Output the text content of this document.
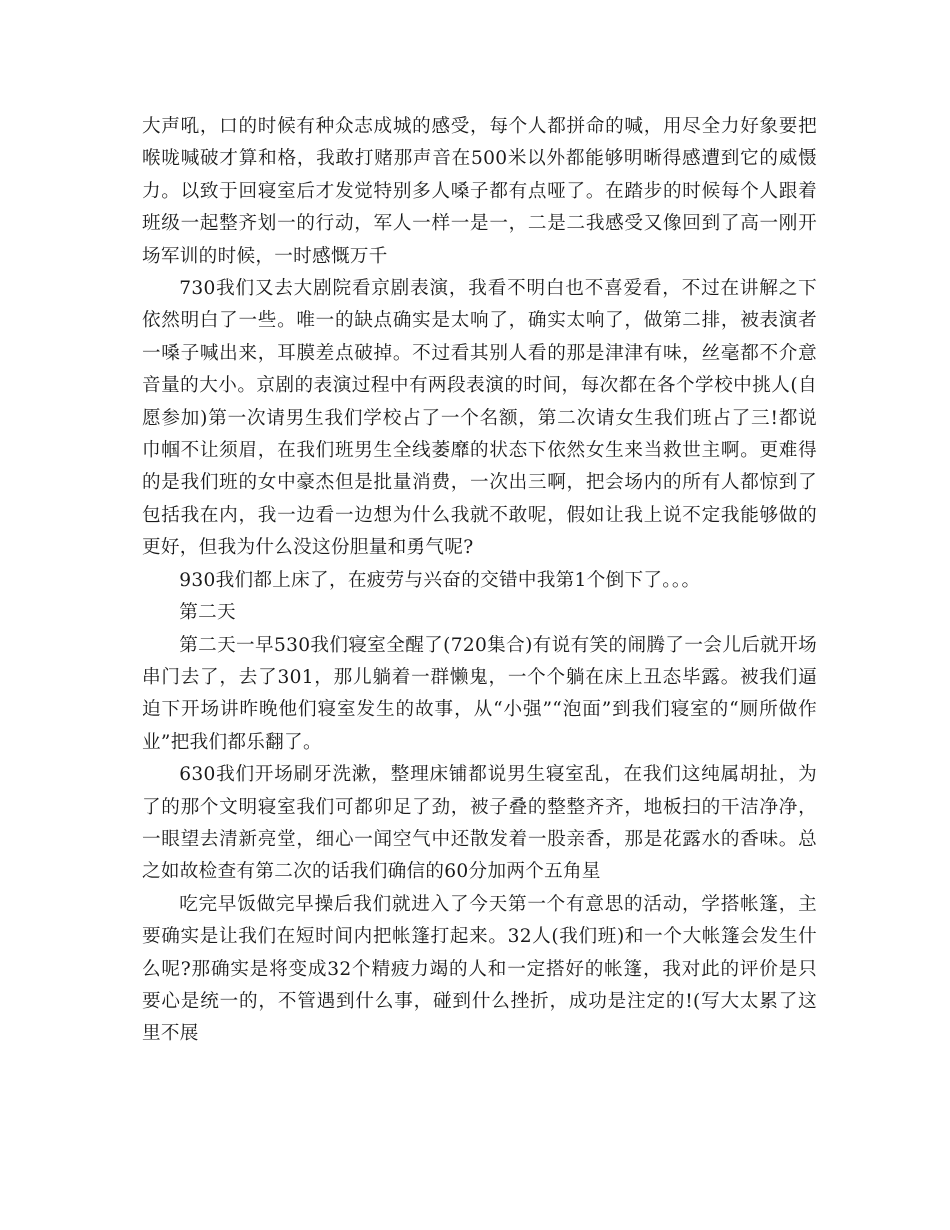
大声吼，口的时候有种众志成城的感受，每个人都拼命的喊，用尽全力好象要把喉咙喊破才算和格，我敢打赌那声音在500米以外都能够明晰得感遭到它的威慑力。以致于回寝室后才发觉特别多人嗓子都有点哑了。在踏步的时候每个人跟着班级一起整齐划一的行动，军人一样一是一，二是二我感受又像回到了高一刚开场军训的时候，一时感慨万千

730我们又去大剧院看京剧表演，我看不明白也不喜爱看，不过在讲解之下依然明白了一些。唯一的缺点确实是太响了，确实太响了，做第二排，被表演者一嗓子喊出来，耳膜差点破掉。不过看其别人看的那是津津有味，丝毫都不介意音量的大小。京剧的表演过程中有两段表演的时间，每次都在各个学校中挑人(自愿参加)第一次请男生我们学校占了一个名额，第二次请女生我们班占了三!都说巾帼不让须眉，在我们班男生全线萎靡的状态下依然女生来当救世主啊。更难得的是我们班的女中豪杰但是批量消费，一次出三啊，把会场内的所有人都惊到了包括我在内，我一边看一边想为什么我就不敢呢，假如让我上说不定我能够做的更好，但我为什么没这份胆量和勇气呢?

930我们都上床了，在疲劳与兴奋的交错中我第1个倒下了。。。

第二天

第二天一早530我们寝室全醒了(720集合)有说有笑的闹腾了一会儿后就开场串门去了，去了301，那儿躺着一群懒鬼，一个个躺在床上丑态毕露。被我们逼迫下开场讲昨晚他们寝室发生的故事，从“小强”“泡面”到我们寝室的“厕所做作业”把我们都乐翻了。

630我们开场刷牙洗漱，整理床铺都说男生寝室乱，在我们这纯属胡扯，为了的那个文明寝室我们可都卯足了劲，被子叠的整整齐齐，地板扫的干洁净净，一眼望去清新亮堂，细心一闻空气中还散发着一股亲香，那是花露水的香味。总之如故检查有第二次的话我们确信的60分加两个五角星

吃完早饭做完早操后我们就进入了今天第一个有意思的活动，学搭帐篷，主要确实是让我们在短时间内把帐篷打起来。32人(我们班)和一个大帐篷会发生什么呢?那确实是将变成32个精疲力竭的人和一定搭好的帐篷，我对此的评价是只要心是统一的，不管遇到什么事，碰到什么挫折，成功是注定的!(写大太累了这里不展
